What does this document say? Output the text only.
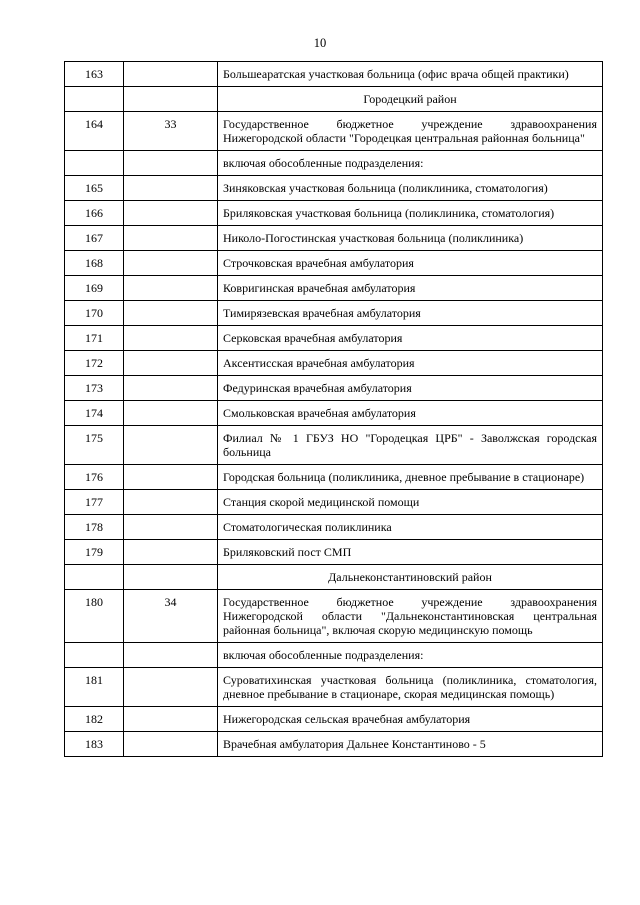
10
163		Большеаратская участковая больница (офис врача общей практики)
		Городецкий район
164	33	Государственное бюджетное учреждение здравоохранения Нижегородской области "Городецкая центральная районная больница"
		включая обособленные подразделения:
165		Зиняковская участковая больница (поликлиника, стоматология)
166		Бриляковская участковая больница (поликлиника, стоматология)
167		Николо-Погостинская участковая больница (поликлиника)
168		Строчковская врачебная амбулатория
169		Ковригинская врачебная амбулатория
170		Тимирязевская врачебная амбулатория
171		Серковская врачебная амбулатория
172		Аксентисская врачебная амбулатория
173		Федуринская врачебная амбулатория
174		Смольковская врачебная амбулатория
175		Филиал № 1 ГБУЗ НО "Городецкая ЦРБ" - Заволжская городская больница
176		Городская больница (поликлиника, дневное пребывание в стационаре)
177		Станция скорой медицинской помощи
178		Стоматологическая поликлиника
179		Бриляковский пост СМП
		Дальнеконстантиновский район
180	34	Государственное бюджетное учреждение здравоохранения Нижегородской области "Дальнеконстантиновская центральная районная больница", включая скорую медицинскую помощь
		включая обособленные подразделения:
181		Суроватихинская участковая больница (поликлиника, стоматология, дневное пребывание в стационаре, скорая медицинская помощь)
182		Нижегородская сельская врачебная амбулатория
183		Врачебная амбулатория Дальнее Константиново - 5
